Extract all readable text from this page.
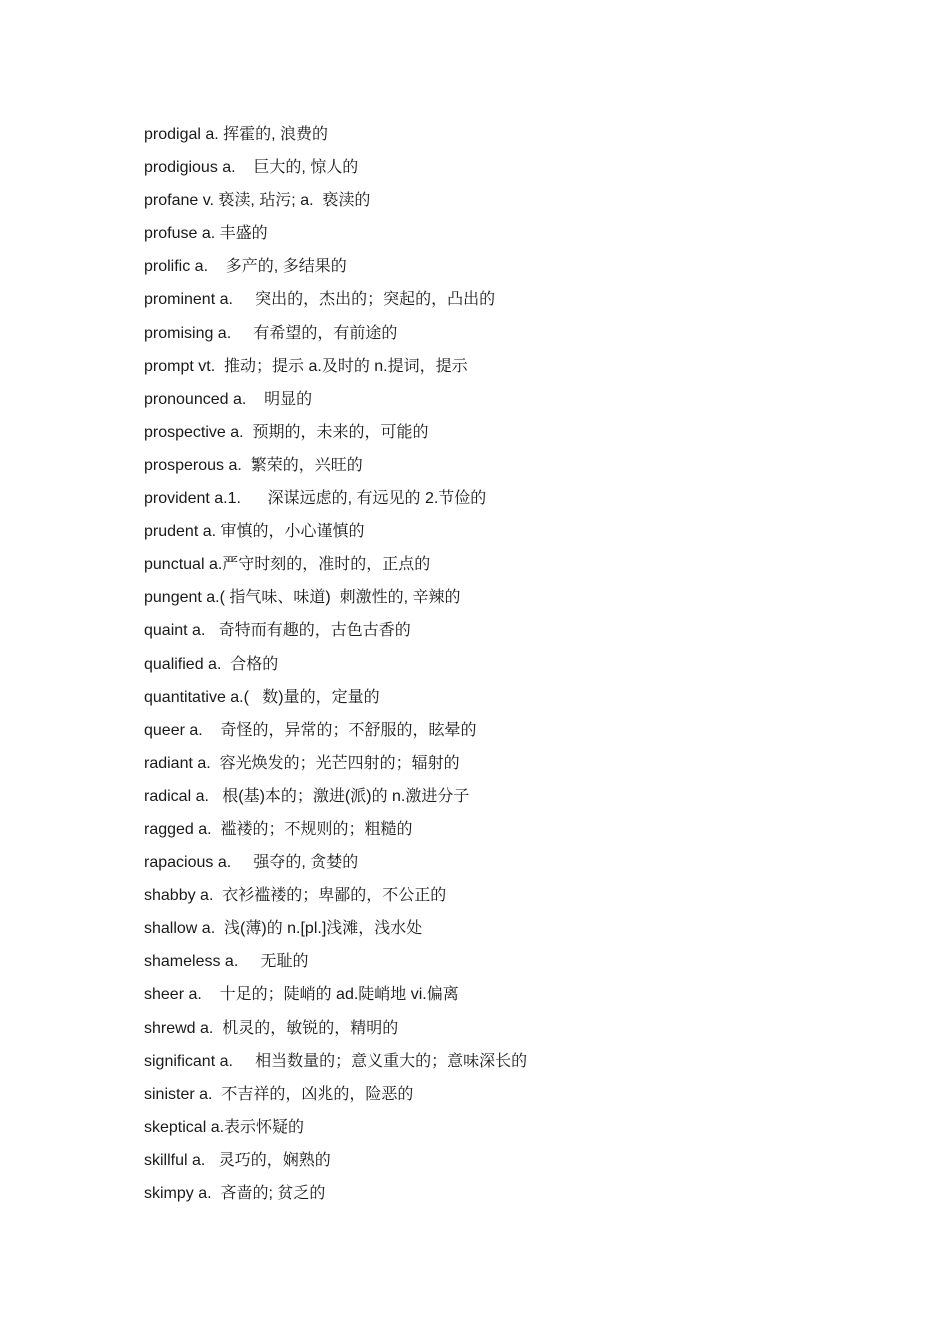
prodigal a. 挥霍的, 浪费的
prodigious a.    巨大的, 惊人的
profane v. 亵渎, 玷污; a.  亵渎的
profuse a. 丰盛的
prolific a.    多产的, 多结果的
prominent a.     突出的，杰出的；突起的，凸出的
promising a.     有希望的，有前途的
prompt vt.  推动；提示 a.及时的 n.提词，提示
pronounced a.    明显的
prospective a.  预期的，未来的，可能的
prosperous a.  繁荣的，兴旺的
provident a.1.      深谋远虑的, 有远见的 2.节俭的
prudent a. 审慎的，小心谨慎的
punctual a.严守时刻的，准时的，正点的
pungent a.( 指气味、味道)  刺激性的, 辛辣的
quaint a.   奇特而有趣的，古色古香的
qualified a.  合格的
quantitative a.(   数)量的，定量的
queer a.    奇怪的，异常的；不舒服的，眩晕的
radiant a.  容光焕发的；光芒四射的；辐射的
radical a.   根(基)本的；激进(派)的 n.激进分子
ragged a.  褴褛的；不规则的；粗糙的
rapacious a.     强夺的, 贪婪的
shabby a.  衣衫褴褛的；卑鄙的，不公正的
shallow a.  浅(薄)的 n.[pl.]浅滩，浅水处
shameless a.     无耻的
sheer a.    十足的；陡峭的 ad.陡峭地 vi.偏离
shrewd a.  机灵的，敏锐的，精明的
significant a.     相当数量的；意义重大的；意味深长的
sinister a.  不吉祥的，凶兆的，险恶的
skeptical a.表示怀疑的
skillful a.   灵巧的，娴熟的
skimpy a.  吝啬的; 贫乏的
